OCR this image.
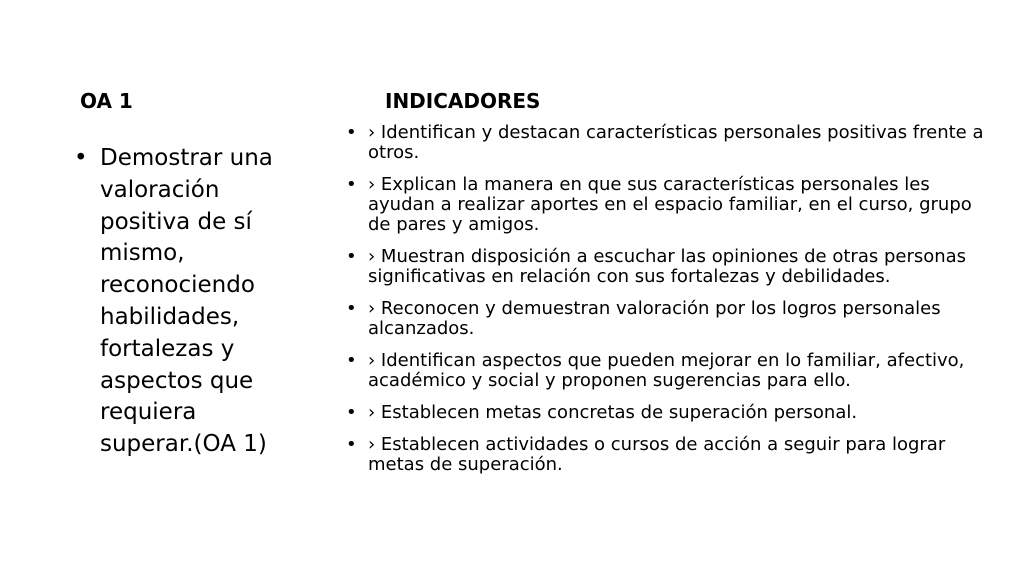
OA 1	INDICADORES
• Demostrar una valoración positiva de sí mismo, reconociendo habilidades, fortalezas y aspectos que requiera superar.(OA 1)
• › Identifican y destacan características personales positivas frente a otros.
• › Explican la manera en que sus características personales les ayudan a realizar aportes en el espacio familiar, en el curso, grupo de pares y amigos.
• › Muestran disposición a escuchar las opiniones de otras personas significativas en relación con sus fortalezas y debilidades.
• › Reconocen y demuestran valoración por los logros personales alcanzados.
• › Identifican aspectos que pueden mejorar en lo familiar, afectivo, académico y social y proponen sugerencias para ello.
• › Establecen metas concretas de superación personal.
• › Establecen actividades o cursos de acción a seguir para lograr metas de superación.
